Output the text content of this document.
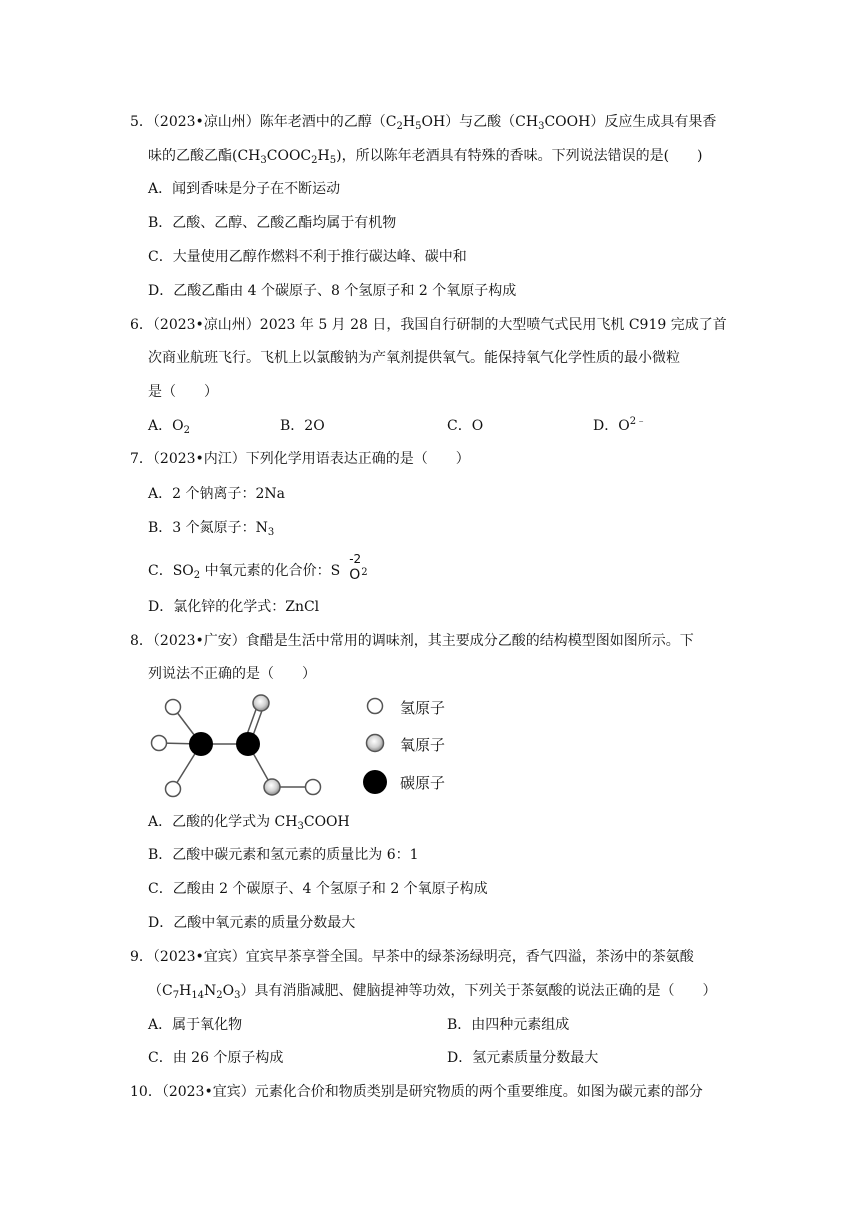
5．（2023•凉山州）陈年老酒中的乙醇$(C_2H_5OH)$与乙酸$(CH_3COOH)$反应生成具有果香
味的乙酸乙酯$(CH_3COOC_2H_5)$，所以陈年老酒具有特殊的香味。下列说法错误的是(　　)
A．闻到香味是分子在不断运动
B．乙酸、乙醇、乙酸乙酯均属于有机物
C．大量使用乙醇作燃料不利于推行碳达峰、碳中和
D．乙酸乙酯由 4 个碳原子、8 个氢原子和 2 个氧原子构成
6．（2023•凉山州）2023 年 5 月 28 日，我国自行研制的大型喷气式民用飞机 C919 完成了首
次商业航班飞行。飞机上以氯酸钠为产氧剂提供氧气。能保持氧气化学性质的最小微粒
是（　　）
A．$O_2$	B．2O	C．O	D．$O^{2﹣}$
7．（2023•内江）下列化学用语表达正确的是（　　）
A．2 个钠离子：2Na
B．3 个氮原子：$N_3$
C．$SO_2$ 中氧元素的化合价：S
-2
O 2
D．氯化锌的化学式：ZnCl
8．（2023•广安）食醋是生活中常用的调味剂，其主要成分乙酸的结构模型图如图所示。下
列说法不正确的是（　　）
氢原子
氧原子
碳原子
A．乙酸的化学式为 $CH_3COOH$
B．乙酸中碳元素和氢元素的质量比为 6：1
C．乙酸由 2 个碳原子、4 个氢原子和 2 个氧原子构成
D．乙酸中氧元素的质量分数最大
9．（2023•宜宾）宜宾早茶享誉全国。早茶中的绿茶汤绿明亮，香气四溢，茶汤中的茶氨酸
$(C_7H_{14}N_2O_3)$具有消脂减肥、健脑提神等功效，下列关于茶氨酸的说法正确的是（　　）
A．属于氧化物	B．由四种元素组成
C．由 26 个原子构成	D．氢元素质量分数最大
10．（2023•宜宾）元素化合价和物质类别是研究物质的两个重要维度。如图为碳元素的部分
